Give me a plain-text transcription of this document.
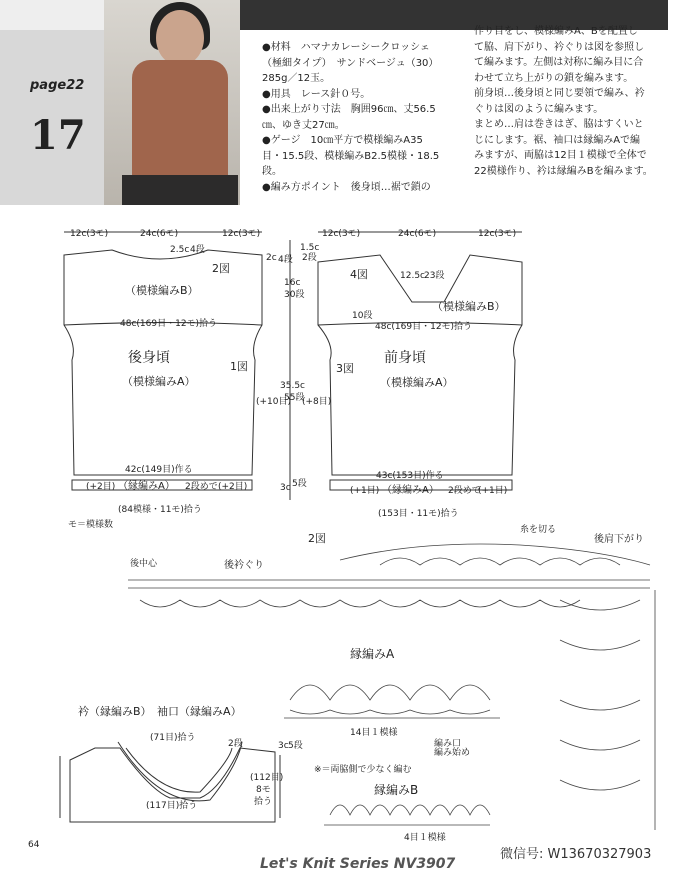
page22
17
●材料　ハマナカレーシークロッシェ
（極細タイプ）　サンドベージュ（30）
285g／12玉。
●用具　レース針０号。
●出来上がり寸法　胸囲96㎝、丈56.5
㎝、ゆき丈27㎝。
●ゲージ　10㎝平方で模様編みA35
目・15.5段、模様編みB2.5模様・18.5
段。
●編み方ポイント　後身頃…裾で鎖の
作り目をし、模様編みA、Bを配置し
て脇、肩下がり、衿ぐりは図を参照し
て編みます。左側は対称に編み目に合
わせて立ち上がりの鎖を編みます。
前身頃…後身頃と同じ要領で編み、衿
ぐりは図のように編みます。
まとめ…肩は巻きはぎ、脇はすくいと
じにします。裾、袖口は縁編みAで編
みますが、両脇は12目１模様で全体で
22模様作り、衿は縁編みBを編みます。
12c(3モ)	24c(6モ)	12c(3モ)
2.5c 4段
2図
（模様編みB）
48c(169目・12モ)拾う
後身頃
1図
（模様編みA）
42c(149目)作る
(+2目) （縁編みA） 2段めで (+2目)
(84模様・11モ)拾う
(+10目) (+8目)
12c(3モ)	24c(6モ)	12c(3モ)
4図	12.5c 23段
10段
（模様編みB）
48c(169目・12モ)拾う
前身頃
3図
（模様編みA）
43c(153目)作る
(+1目) （縁編みA） 2段めで
(+1目)
(153目・11モ)拾う
2c 4段
1.5c
2段
16c
30段
35.5c
55段
3c 5段
モ＝模様数
2図
後衿ぐり
後中心
後肩下がり
糸を切る
縁編みA
14目１模様
編み始め
編み口
※＝両脇側で少なく編む
縁編みB
4目１模様
衿（縁編みB）　袖口（縁編みA）
(71目)拾う
2段
(117目)拾う
3c 5段
(112目)
8モ
拾う
64
Let's Knit Series NV3907
微信号: W13670327903
